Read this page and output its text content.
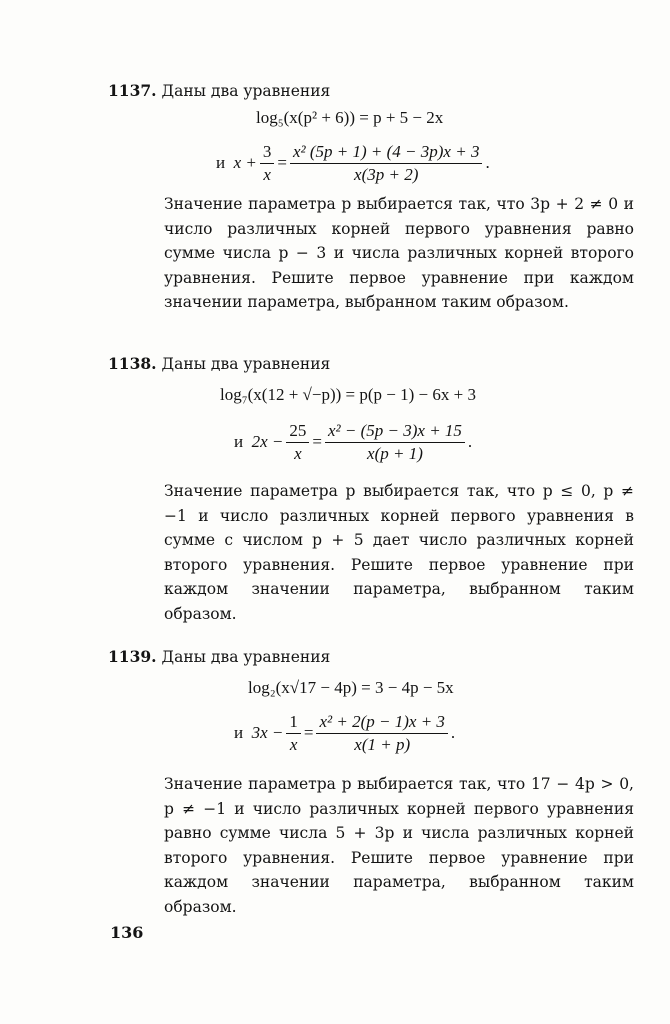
1137. Даны два уравнения
log₅(x(p² + 6)) = p + 5 − 2x
и
$x + \frac{3}{x} = \frac{\text{x² (5p + 1) + (4 − 3p)x + 3}}{x(3p + 2)}$ .

Значение параметра p выбирается так, что 3p + 2 ≠ 0 и число различных корней первого уравнения равно сумме числа p − 3 и числа различных корней второго уравнения. Решите первое уравнение при каждом значении параметра, выбранном таким образом.

1138. Даны два уравнения
log₇(x(12 + √−p)) = p(p − 1) − 6x + 3
и
$2x - \frac{25}{x} = \frac{\text{x² − (5p − 3)x + 15}}{x(p + 1)}$ .

Значение параметра p выбирается так, что p ≤ 0, p ≠ −1 и число различных корней первого уравнения в сумме с числом p + 5 дает число различных корней второго уравнения. Решите первое уравнение при каждом значении параметра, выбранном таким образом.

1139. Даны два уравнения
log₂(x√17 − 4p) = 3 − 4p − 5x
и
$3x - \frac{1}{x} = \frac{\text{x² + 2(p − 1)x + 3}}{x(1 + p)}$ .

Значение параметра p выбирается так, что 17 − 4p > 0, p ≠ −1 и число различных корней первого уравнения равно сумме числа 5 + 3p и числа различных корней второго уравнения. Решите первое уравнение при каждом значении параметра, выбранном таким образом.

136
